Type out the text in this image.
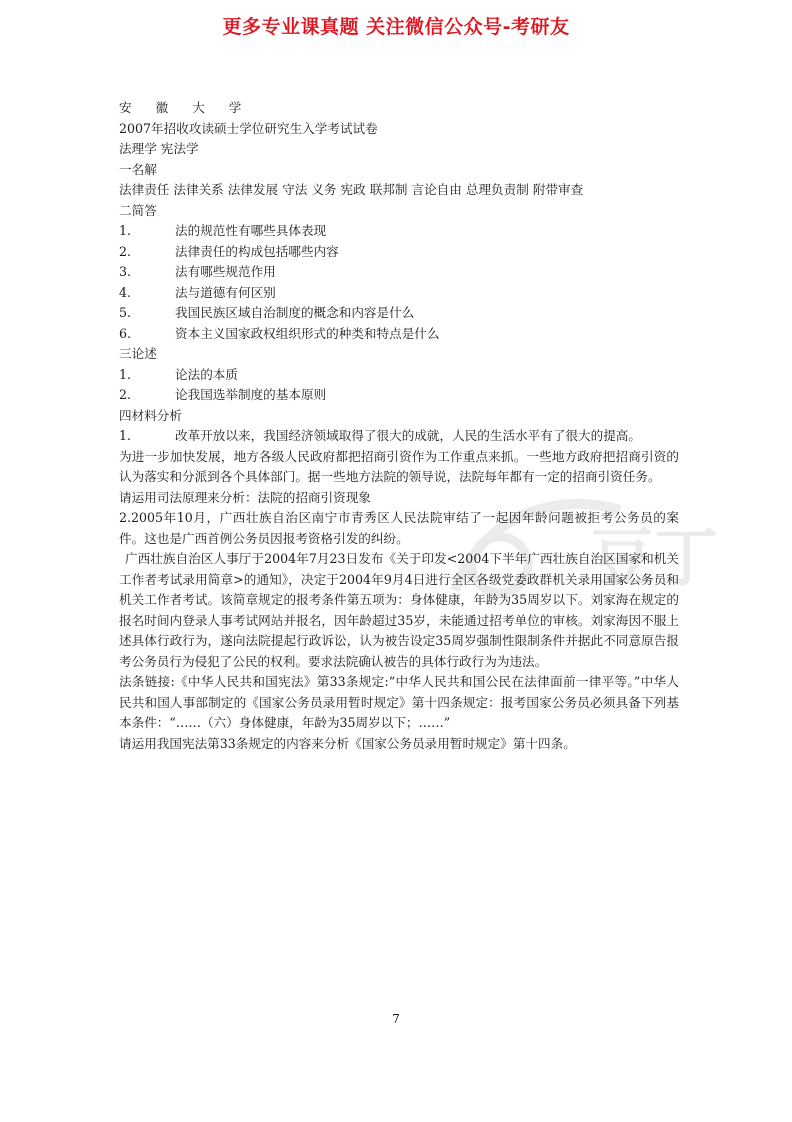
更多专业课真题 关注微信公众号-考研友
豆丁
安 徽 大 学
2007年招收攻读硕士学位研究生入学考试试卷
法理学 宪法学
一名解
法律责任 法律关系 法律发展 守法 义务 宪政 联邦制 言论自由 总理负责制 附带审查
二简答
1.	法的规范性有哪些具体表现
2.	法律责任的构成包括哪些内容
3.	法有哪些规范作用
4.	法与道德有何区别
5.	我国民族区域自治制度的概念和内容是什么
6.	资本主义国家政权组织形式的种类和特点是什么
三论述
1.	论法的本质
2.	论我国选举制度的基本原则
四材料分析
1.	改革开放以来，我国经济领域取得了很大的成就，人民的生活水平有了很大的提高。
为进一步加快发展，地方各级人民政府都把招商引资作为工作重点来抓。一些地方政府把招商引资的认为落实和分派到各个具体部门。据一些地方法院的领导说，法院每年都有一定的招商引资任务。
请运用司法原理来分析：法院的招商引资现象
2.2005年10月，广西壮族自治区南宁市青秀区人民法院审结了一起因年龄问题被拒考公务员的案件。这也是广西首例公务员因报考资格引发的纠纷。
广西壮族自治区人事厅于2004年7月23日发布《关于印发<2004下半年广西壮族自治区国家和机关工作者考试录用简章>的通知》，决定于2004年9月4日进行全区各级党委政群机关录用国家公务员和机关工作者考试。该简章规定的报考条件第五项为：身体健康，年龄为35周岁以下。刘家海在规定的报名时间内登录人事考试网站并报名，因年龄超过35岁，未能通过招考单位的审核。刘家海因不服上述具体行政行为，遂向法院提起行政诉讼，认为被告设定35周岁强制性限制条件并据此不同意原告报考公务员行为侵犯了公民的权利。要求法院确认被告的具体行政行为为违法。
法条链接:《中华人民共和国宪法》第33条规定:“中华人民共和国公民在法律面前一律平等。”中华人民共和国人事部制定的《国家公务员录用暂时规定》第十四条规定：报考国家公务员必须具备下列基本条件：“……（六）身体健康，年龄为35周岁以下；……”
请运用我国宪法第33条规定的内容来分析《国家公务员录用暂时规定》第十四条。
7
